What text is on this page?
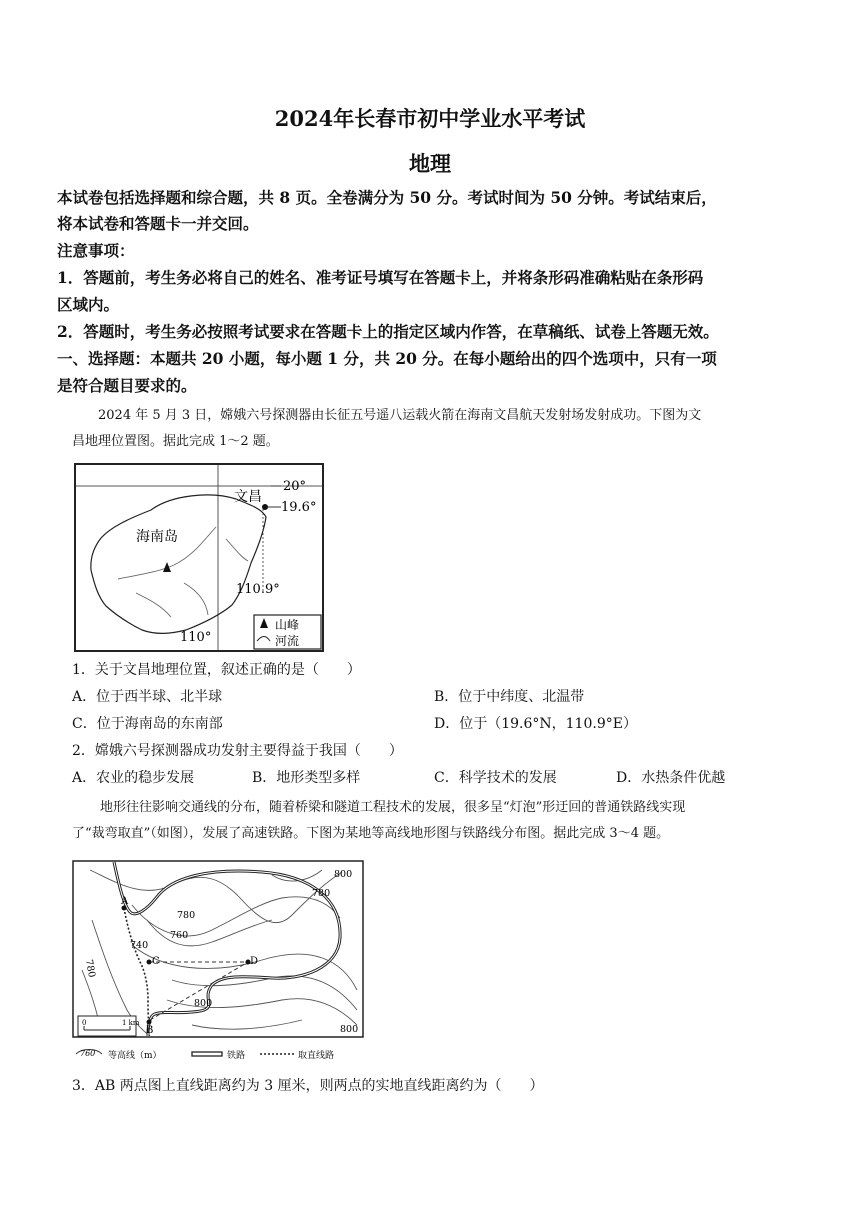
2024年长春市初中学业水平考试
地理
本试卷包括选择题和综合题，共 8 页。全卷满分为 50 分。考试时间为 50 分钟。考试结束后，
将本试卷和答题卡一并交回。
注意事项：
1．答题前，考生务必将自己的姓名、准考证号填写在答题卡上，并将条形码准确粘贴在条形码
区域内。
2．答题时，考生务必按照考试要求在答题卡上的指定区域内作答，在草稿纸、试卷上答题无效。
一、选择题：本题共 20 小题，每小题 1 分，共 20 分。在每小题给出的四个选项中，只有一项
是符合题目要求的。
2024 年 5 月 3 日，嫦娥六号探测器由长征五号遥八运载火箭在海南文昌航天发射场发射成功。下图为文
昌地理位置图。据此完成 1～2 题。
20°
19.6°
文昌
海南岛
110.9°
110°
山峰
河流
1．关于文昌地理位置，叙述正确的是（　　）
A．位于西半球、北半球	B．位于中纬度、北温带
C．位于海南岛的东南部	D．位于（19.6°N，110.9°E）
2．嫦娥六号探测器成功发射主要得益于我国（　　）
A．农业的稳步发展	B．地形类型多样	C．科学技术的发展	D．水热条件优越
地形往往影响交通线的分布，随着桥梁和隧道工程技术的发展，很多呈“灯泡”形迂回的普通铁路线实现
了“裁弯取直”（如图），发展了高速铁路。下图为某地等高线地形图与铁路线分布图。据此完成 3～4 题。
A
B
C	D
800
780
780
760
740
780
800
800
0	1 km
760 等高线（m）	铁路	取直线路
3．AB 两点图上直线距离约为 3 厘米，则两点的实地直线距离约为（　　）
